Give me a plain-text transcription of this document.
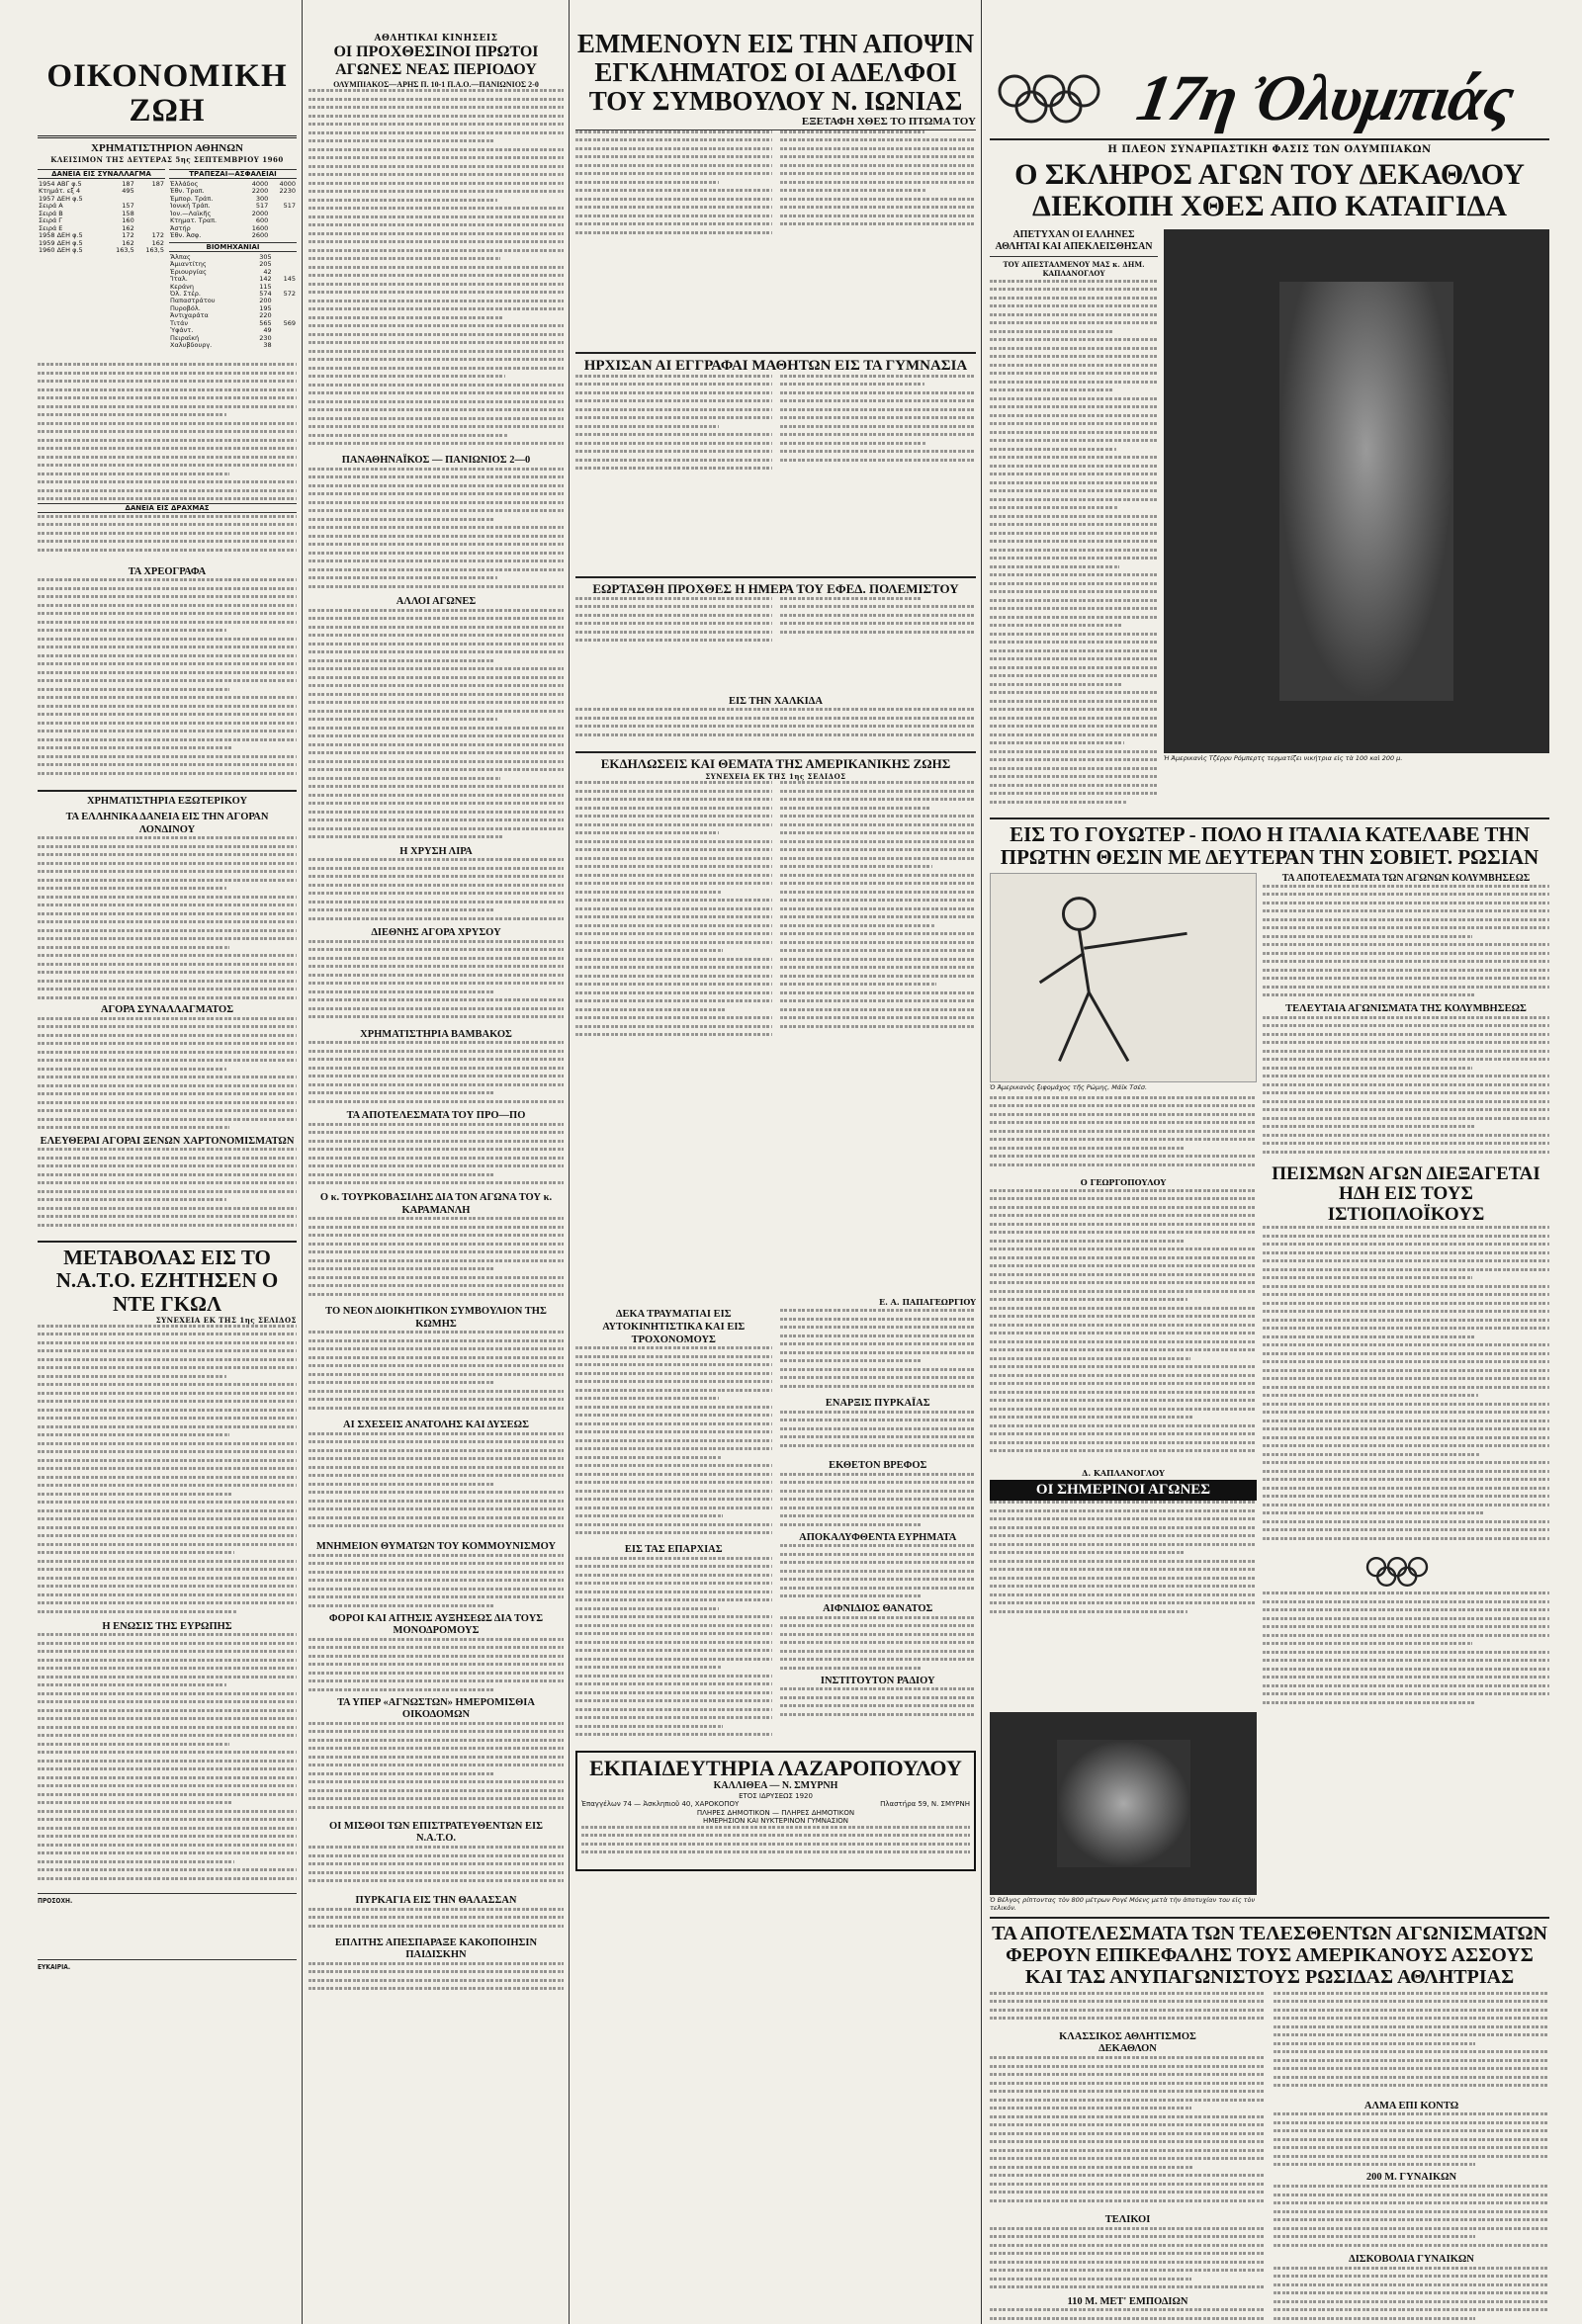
ΟΙΚΟΝΟΜΙΚΗ ΖΩΗ
ΧΡΗΜΑΤΙΣΤΗΡΙΟΝ ΑΘΗΝΩΝ
ΚΛΕΙΣΙΜΟΝ ΤΗΣ ΔΕΥΤΕΡΑΣ 5ης ΣΕΠΤΕΜΒΡΙΟΥ 1960
ΔΑΝΕΙΑ ΕΙΣ ΣΥΝΑΛΛΑΓΜΑ
1954 ΑΒΓ φ.5	187	187
Κτημάτ. εξ 4	495	
1957 ΔΕΗ φ.5		
Σειρά Α	157	
Σειρά Β	158	
Σειρά Γ	160	
Σειρά Ε	162	
1958 ΔΕΗ φ.5	172	172
1959 ΔΕΗ φ.5	162	162
1960 ΔΕΗ φ.5	163,5	163,5
ΤΡΑΠΕΖΑΙ—ΑΣΦΑΛΕΙΑΙ
Ἑλλάδος	4000	4000
Ἐθν. Τραπ.	2200	2230
Ἐμπορ. Τράπ.	300	
Ἰονική Τράπ.	517	517
Ἰον.—Λαϊκῆς	2000	
Κτηματ. Τραπ.	600	
Ἀστήρ	1600	
Ἐθν. Ἀσφ.	2600	
ΒΙΟΜΗΧΑΝΙΑΙ
Ἄλπας	305	
Ἀμιαντίτης	205	
Ἐριουργίας	42	
Ἴταλ.	142	145
Κεράνη	115	
Ὀλ. Στέρ.	574	572
Παπαστράτου	200	
Πυροβόλ.	195	
Ἀντιχαράτα	220	
Τιτάν	565	569
Ὑφάντ.	49	
Πειραϊκή	230	
Χαλυβδουργ.	38	

ΔΑΝΕΙΑ ΕΙΣ ΔΡΑΧΜΑΣ
ΤΑ ΧΡΕΟΓΡΑΦΑ
ΧΡΗΜΑΤΙΣΤΗΡΙΑ ΕΞΩΤΕΡΙΚΟΥ
ΤΑ ΕΛΛΗΝΙΚΑ ΔΑΝΕΙΑ ΕΙΣ ΤΗΝ ΑΓΟΡΑΝ ΛΟΝΔΙΝΟΥ
ΑΓΟΡΑ ΣΥΝΑΛΛΑΓΜΑΤΟΣ
ΕΛΕΥΘΕΡΑΙ ΑΓΟΡΑΙ ΞΕΝΩΝ ΧΑΡΤΟΝΟΜΙΣΜΑΤΩΝ
ΜΕΤΑΒΟΛΑΣ ΕΙΣ ΤΟ Ν.Α.Τ.Ο. ΕΖΗΤΗΣΕΝ Ο ΝΤΕ ΓΚΩΛ
ΣΥΝΕΧΕΙΑ ΕΚ ΤΗΣ 1ης ΣΕΛΙΔΟΣ
Η ΕΝΩΣΙΣ ΤΗΣ ΕΥΡΩΠΗΣ
ΠΡΟΣΟΧΗ.
ΕΥΚΑΙΡΙΑ.
ΑΘΛΗΤΙΚΑΙ ΚΙΝΗΣΕΙΣ
ΟΙ ΠΡΟΧΘΕΣΙΝΟΙ ΠΡΩΤΟΙ ΑΓΩΝΕΣ ΝΕΑΣ ΠΕΡΙΟΔΟΥ
ΟΛΥΜΠΙΑΚΟΣ—ΑΡΗΣ Π. 10-1 Π.Α.Ο.—ΠΑΝΙΩΝΙΟΣ 2-0
ΠΑΝΑΘΗΝΑΪΚΟΣ — ΠΑΝΙΩΝΙΟΣ 2—0
ΑΛΛΟΙ ΑΓΩΝΕΣ
Η ΧΡΥΣΗ ΛΙΡΑ
ΔΙΕΘΝΗΣ ΑΓΟΡΑ ΧΡΥΣΟΥ
ΧΡΗΜΑΤΙΣΤΗΡΙΑ ΒΑΜΒΑΚΟΣ
ΤΑ ΑΠΟΤΕΛΕΣΜΑΤΑ ΤΟΥ ΠΡΟ—ΠΟ
Ο κ. ΤΟΥΡΚΟΒΑΣΙΛΗΣ ΔΙΑ ΤΟΝ ΑΓΩΝΑ ΤΟΥ κ. ΚΑΡΑΜΑΝΛΗ
ΤΟ ΝΕΟΝ ΔΙΟΙΚΗΤΙΚΟΝ ΣΥΜΒΟΥΛΙΟΝ ΤΗΣ ΚΩΜΗΣ
ΑΙ ΣΧΕΣΕΙΣ ΑΝΑΤΟΛΗΣ ΚΑΙ ΔΥΣΕΩΣ
ΜΝΗΜΕΙΟΝ ΘΥΜΑΤΩΝ ΤΟΥ ΚΟΜΜΟΥΝΙΣΜΟΥ
ΦΟΡΟΙ ΚΑΙ ΑΙΤΗΣΙΣ ΑΥΞΗΣΕΩΣ ΔΙΑ ΤΟΥΣ ΜΟΝΟΔΡΟΜΟΥΣ
ΤΑ ΥΠΕΡ «ΑΓΝΩΣΤΩΝ» ΗΜΕΡΟΜΙΣΘΙΑ ΟΙΚΟΔΟΜΩΝ
ΟΙ ΜΙΣΘΟΙ ΤΩΝ ΕΠΙΣΤΡΑΤΕΥΘΕΝΤΩΝ ΕΙΣ Ν.Α.Τ.Ο.
ΠΥΡΚΑΓΙΑ ΕΙΣ ΤΗΝ ΘΑΛΑΣΣΑΝ
ΕΠΛΙΤΗΣ ΑΠΕΣΠΑΡΑΞΕ ΚΑΚΟΠΟΙΗΣΙΝ ΠΑΙΔΙΣΚΗΝ
ΕΜΜΕΝΟΥΝ ΕΙΣ ΤΗΝ ΑΠΟΨΙΝ ΕΓΚΛΗΜΑΤΟΣ ΟΙ ΑΔΕΛΦΟΙ ΤΟΥ ΣΥΜΒΟΥΛΟΥ Ν. ΙΩΝΙΑΣ
ΕΞΕΤΑΦΗ ΧΘΕΣ ΤΟ ΠΤΩΜΑ ΤΟΥ
ΗΡΧΙΣΑΝ ΑΙ ΕΓΓΡΑΦΑΙ ΜΑΘΗΤΩΝ ΕΙΣ ΤΑ ΓΥΜΝΑΣΙΑ
ΕΩΡΤΑΣΘΗ ΠΡΟΧΘΕΣ Η ΗΜΕΡΑ ΤΟΥ ΕΦΕΔ. ΠΟΛΕΜΙΣΤΟΥ
ΕΙΣ ΤΗΝ ΧΑΛΚΙΔΑ
ΕΚΔΗΛΩΣΕΙΣ ΚΑΙ ΘΕΜΑΤΑ ΤΗΣ ΑΜΕΡΙΚΑΝΙΚΗΣ ΖΩΗΣ
ΣΥΝΕΧΕΙΑ ΕΚ ΤΗΣ 1ης ΣΕΛΙΔΟΣ
Ε. Α. ΠΑΠΑΓΕΩΡΓΙΟΥ
ΔΕΚΑ ΤΡΑΥΜΑΤΙΑΙ ΕΙΣ ΑΥΤΟΚΙΝΗΤΙΣΤΙΚΑ ΚΑΙ ΕΙΣ ΤΡΟΧΟΝΟΜΟΥΣ
ΕΙΣ ΤΑΣ ΕΠΑΡΧΙΑΣ
ΕΝΑΡΞΙΣ ΠΥΡΚΑΪΑΣ
ΕΚΘΕΤΟΝ ΒΡΕΦΟΣ
ΑΠΟΚΑΛΥΦΘΕΝΤΑ ΕΥΡΗΜΑΤΑ
ΑΙΦΝΙΔΙΟΣ ΘΑΝΑΤΟΣ
ΙΝΣΤΙΤΟΥΤΟΝ ΡΑΔΙΟΥ
ΕΚΠΑΙΔΕΥΤΗΡΙΑ ΛΑΖΑΡΟΠΟΥΛΟΥ
ΚΑΛΛΙΘΕΑ — Ν. ΣΜΥΡΝΗ
ΕΤΟΣ ΙΔΡΥΣΕΩΣ 1920
Ἐπαγγέλων 74 — Ἀσκληπιοῦ 40, ΧΑΡΟΚΟΠΟΥ	Πλαστήρα 59, Ν. ΣΜΥΡΝΗ
ΠΛΗΡΕΣ ΔΗΜΟΤΙΚΟΝ — ΠΛΗΡΕΣ ΔΗΜΟΤΙΚΟΝ
ΗΜΕΡΗΣΙΟΝ ΚΑΙ ΝΥΚΤΕΡΙΝΟΝ ΓΥΜΝΑΣΙΟΝ
17η Ὀλυμπιάς
Η ΠΛΕΟΝ ΣΥΝΑΡΠΑΣΤΙΚΗ ΦΑΣΙΣ ΤΩΝ ΟΛΥΜΠΙΑΚΩΝ
Ο ΣΚΛΗΡΟΣ ΑΓΩΝ ΤΟΥ ΔΕΚΑΘΛΟΥ ΔΙΕΚΟΠΗ ΧΘΕΣ ΑΠΟ ΚΑΤΑΙΓΙΔΑ
ΑΠΕΤΥΧΑΝ ΟΙ ΕΛΛΗΝΕΣ ΑΘΛΗΤΑΙ ΚΑΙ ΑΠΕΚΛΕΙΣΘΗΣΑΝ
ΤΟΥ ΑΠΕΣΤΑΛΜΕΝΟΥ ΜΑΣ κ. ΔΗΜ. ΚΑΠΛΑΝΟΓΛΟΥ
Ἡ Ἀμερικανὶς Τζέρρυ Ρόμπερτς τερματίζει νικήτρια εἰς τὰ 100 καὶ 200 μ.
ΕΙΣ ΤΟ ΓΟΥΩΤΕΡ - ΠΟΛΟ Η ΙΤΑΛΙΑ ΚΑΤΕΛΑΒΕ ΤΗΝ ΠΡΩΤΗΝ ΘΕΣΙΝ ΜΕ ΔΕΥΤΕΡΑΝ ΤΗΝ ΣΟΒΙΕΤ. ΡΩΣΙΑΝ
Ὁ Ἀμερικανὸς ξιφομάχος τῆς Ρώμης, Μάϊκ Τσέσ.
Ο ΓΕΩΡΓΟΠΟΥΛΟΥ
Δ. ΚΑΠΛΑΝΟΓΛΟΥ
ΟΙ ΣΗΜΕΡΙΝΟΙ ΑΓΩΝΕΣ
ΤΑ ΑΠΟΤΕΛΕΣΜΑΤΑ ΤΩΝ ΑΓΩΝΩΝ ΚΟΛΥΜΒΗΣΕΩΣ
ΤΕΛΕΥΤΑΙΑ ΑΓΩΝΙΣΜΑΤΑ ΤΗΣ ΚΟΛΥΜΒΗΣΕΩΣ
ΠΕΙΣΜΩΝ ΑΓΩΝ ΔΙΕΞΑΓΕΤΑΙ ΗΔΗ ΕΙΣ ΤΟΥΣ ΙΣΤΙΟΠΛΟΪΚΟΥΣ
Ὁ Βέλγος ρίπτοντας τὸν 800 μέτρων Ρογέ Μόενς μετὰ τὴν ἀποτυχίαν του εἰς τὸν τελικόν.
ΤΑ ΑΠΟΤΕΛΕΣΜΑΤΑ ΤΩΝ ΤΕΛΕΣΘΕΝΤΩΝ ΑΓΩΝΙΣΜΑΤΩΝ ΦΕΡΟΥΝ ΕΠΙΚΕΦΑΛΗΣ ΤΟΥΣ ΑΜΕΡΙΚΑΝΟΥΣ ΑΣΣΟΥΣ ΚΑΙ ΤΑΣ ΑΝΥΠΑΓΩΝΙΣΤΟΥΣ ΡΩΣΙΔΑΣ ΑΘΛΗΤΡΙΑΣ
ΚΛΑΣΣΙΚΟΣ ΑΘΛΗΤΙΣΜΟΣ
ΔΕΚΑΘΛΟΝ
ΤΕΛΙΚΟΙ
110 Μ. ΜΕΤ' ΕΜΠΟΔΙΩΝ
ΑΛΜΑ ΕΠΙ ΚΟΝΤΩ
200 Μ. ΓΥΝΑΙΚΩΝ
ΔΙΣΚΟΒΟΛΙΑ ΓΥΝΑΙΚΩΝ
